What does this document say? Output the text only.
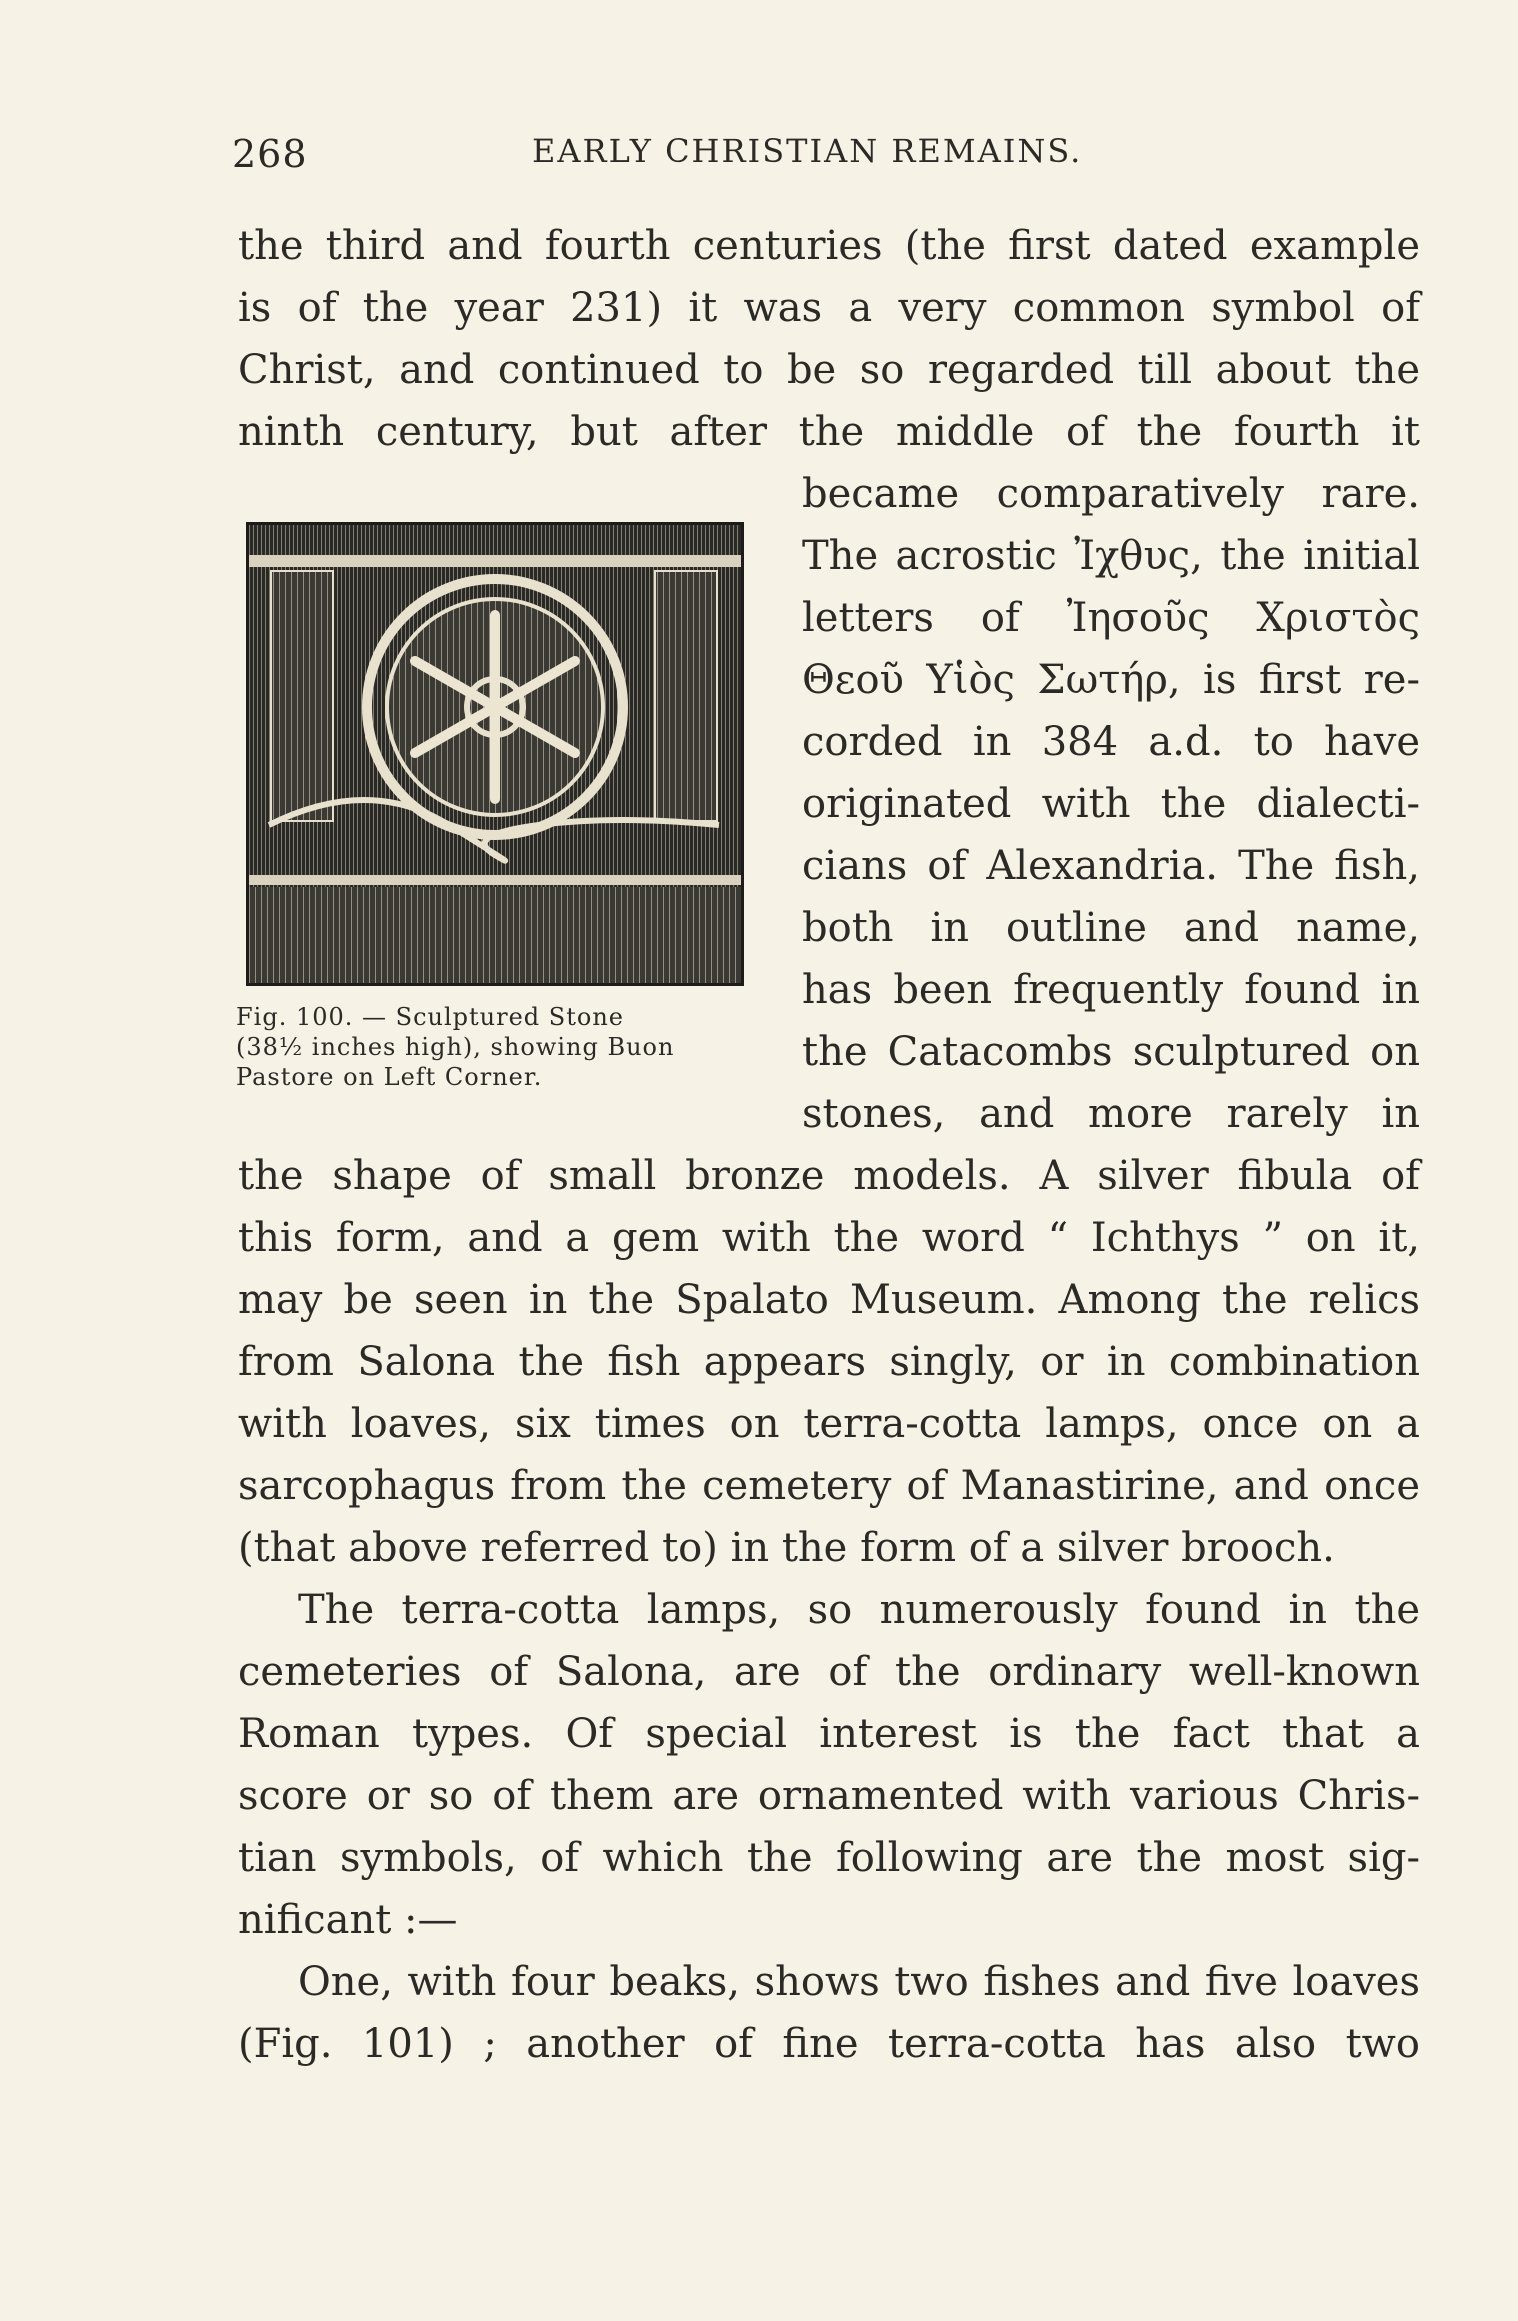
268	EARLY CHRISTIAN REMAINS.
the third and fourth centuries (the first dated example
is of the year 231) it was a very common symbol of
Christ, and continued to be so regarded till about the
ninth century, but after the middle of the fourth it
became comparatively rare.
The acrostic Ἰχθυς, the initial
letters of Ἰησοῦς Χριστὸς
Θεοῦ Υἱὸς Σωτήρ, is first re-
corded in 384 a.d. to have
originated with the dialecti-
cians of Alexandria. The fish,
both in outline and name,
has been frequently found in
the Catacombs sculptured on
stones, and more rarely in
Fig. 100. — Sculptured Stone
(38½ inches high), showing Buon
Pastore on Left Corner.
the shape of small bronze models. A silver fibula of
this form, and a gem with the word “ Ichthys ” on it,
may be seen in the Spalato Museum. Among the relics
from Salona the fish appears singly, or in combination
with loaves, six times on terra-cotta lamps, once on a
sarcophagus from the cemetery of Manastirine, and once
(that above referred to) in the form of a silver brooch.
The terra-cotta lamps, so numerously found in the
cemeteries of Salona, are of the ordinary well-known
Roman types. Of special interest is the fact that a
score or so of them are ornamented with various Chris-
tian symbols, of which the following are the most sig-
nificant :—
One, with four beaks, shows two fishes and five loaves
(Fig. 101) ; another of fine terra-cotta has also two
